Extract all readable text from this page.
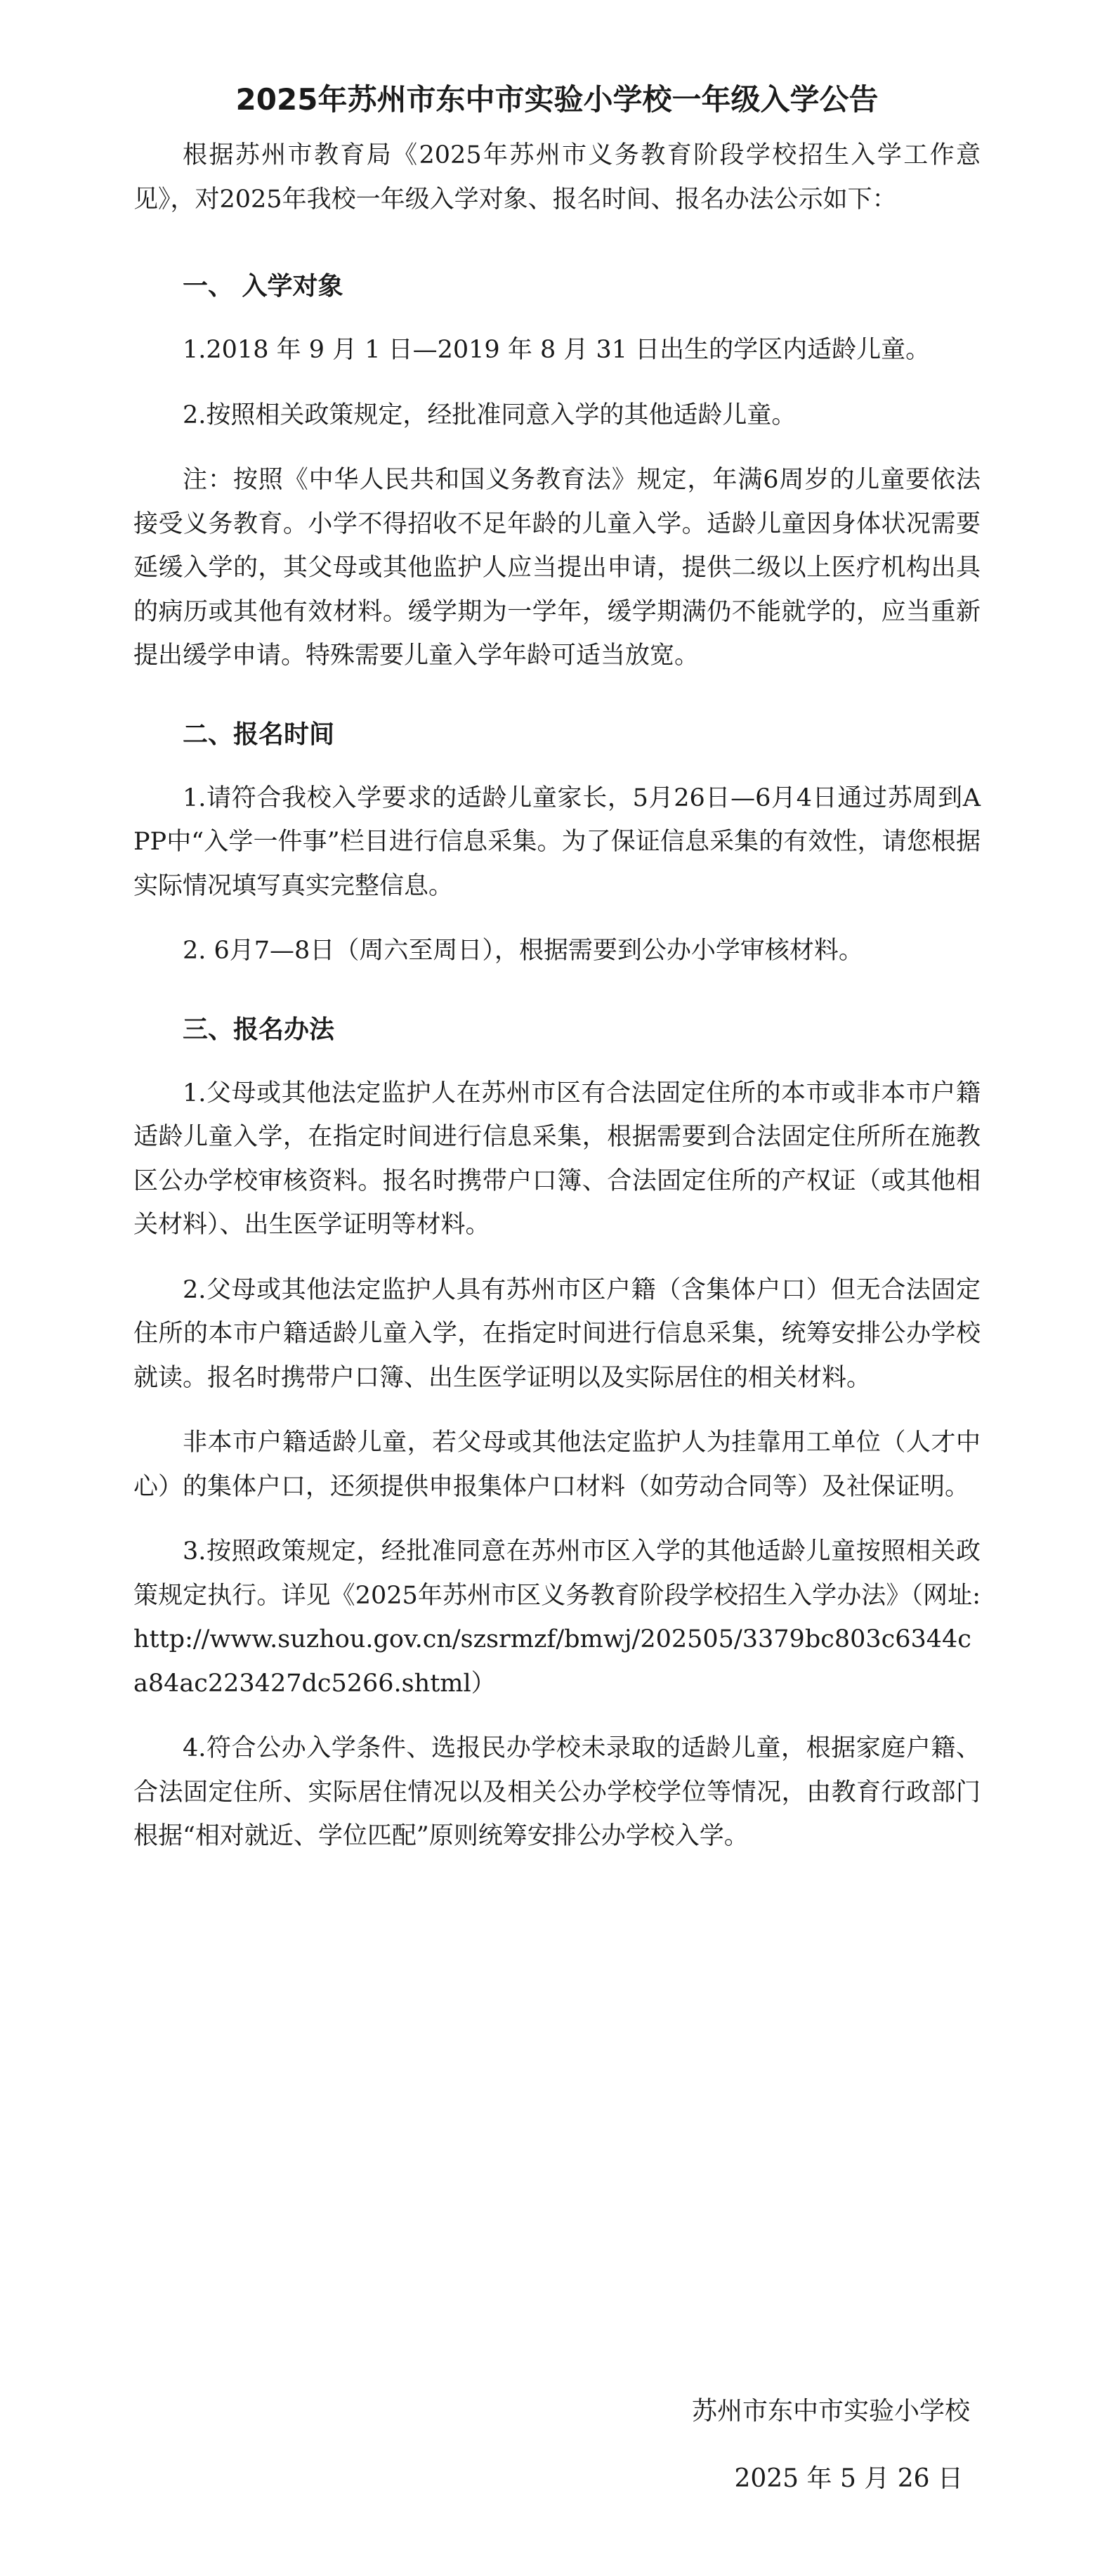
2025年苏州市东中市实验小学校一年级入学公告

根据苏州市教育局《2025年苏州市义务教育阶段学校招生入学工作意见》，对2025年我校一年级入学对象、报名时间、报名办法公示如下：

一、 入学对象

1.2018 年 9 月 1 日—2019 年 8 月 31 日出生的学区内适龄儿童。

2.按照相关政策规定，经批准同意入学的其他适龄儿童。

注：按照《中华人民共和国义务教育法》规定，年满6周岁的儿童要依法接受义务教育。小学不得招收不足年龄的儿童入学。适龄儿童因身体状况需要延缓入学的，其父母或其他监护人应当提出申请，提供二级以上医疗机构出具的病历或其他有效材料。缓学期为一学年，缓学期满仍不能就学的，应当重新提出缓学申请。特殊需要儿童入学年龄可适当放宽。

二、报名时间

1.请符合我校入学要求的适龄儿童家长，5月26日—6月4日通过苏周到APP中“入学一件事”栏目进行信息采集。为了保证信息采集的有效性，请您根据实际情况填写真实完整信息。

2. 6月7—8日（周六至周日），根据需要到公办小学审核材料。

三、报名办法

1.父母或其他法定监护人在苏州市区有合法固定住所的本市或非本市户籍适龄儿童入学，在指定时间进行信息采集，根据需要到合法固定住所所在施教区公办学校审核资料。报名时携带户口簿、合法固定住所的产权证（或其他相关材料）、出生医学证明等材料。

2.父母或其他法定监护人具有苏州市区户籍（含集体户口）但无合法固定住所的本市户籍适龄儿童入学，在指定时间进行信息采集，统筹安排公办学校就读。报名时携带户口簿、出生医学证明以及实际居住的相关材料。

非本市户籍适龄儿童，若父母或其他法定监护人为挂靠用工单位（人才中心）的集体户口，还须提供申报集体户口材料（如劳动合同等）及社保证明。

3.按照政策规定，经批准同意在苏州市区入学的其他适龄儿童按照相关政策规定执行。详见《2025年苏州市区义务教育阶段学校招生入学办法》（网址:http://www.suzhou.gov.cn/szsrmzf/bmwj/202505/3379bc803c6344ca84ac223427dc5266.shtml）

4.符合公办入学条件、选报民办学校未录取的适龄儿童，根据家庭户籍、合法固定住所、实际居住情况以及相关公办学校学位等情况，由教育行政部门根据“相对就近、学位匹配”原则统筹安排公办学校入学。

苏州市东中市实验小学校
2025 年 5 月 26 日
